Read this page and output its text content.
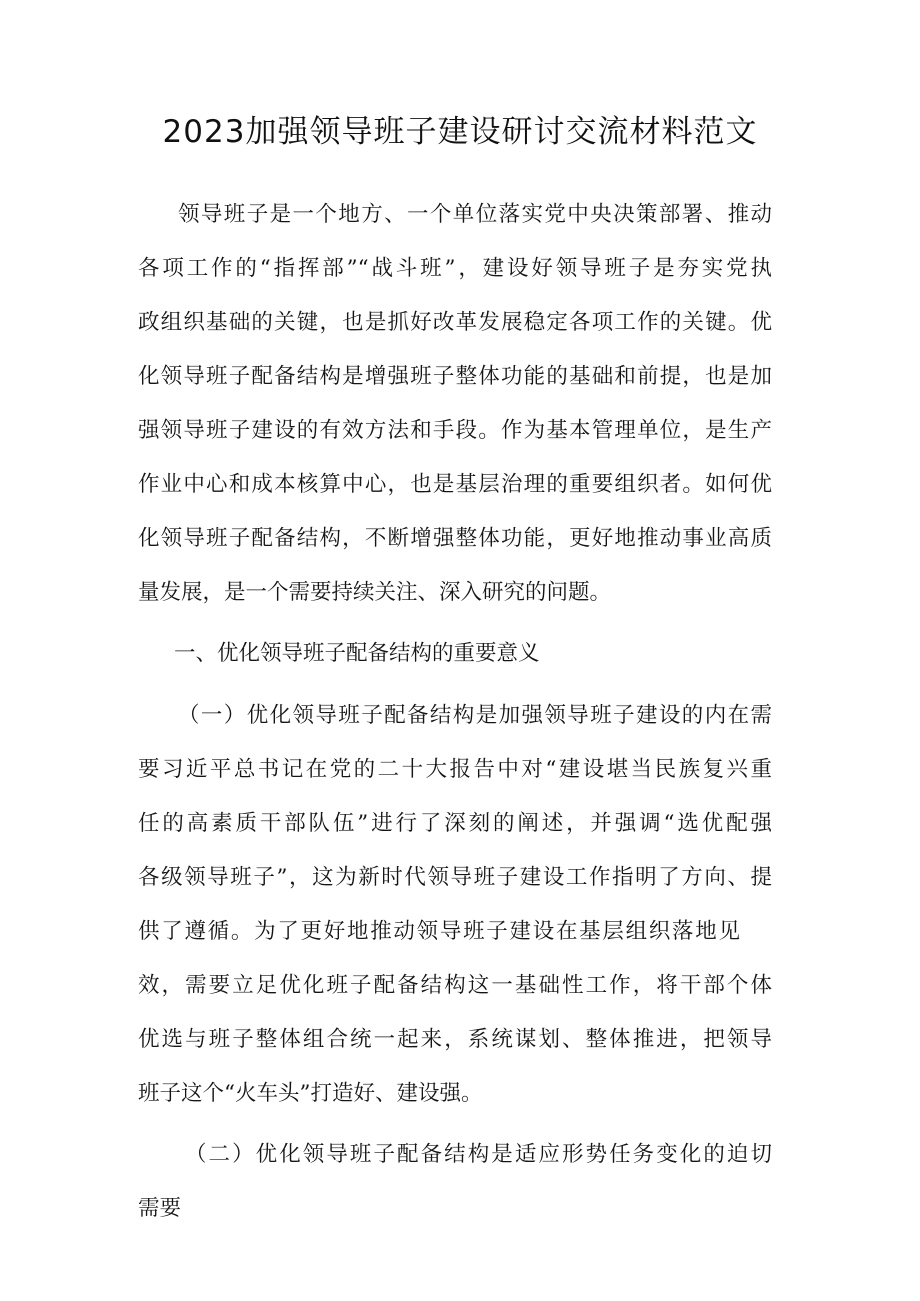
2023加强领导班子建设研讨交流材料范文
领导班子是一个地方、一个单位落实党中央决策部署、推动
各项工作的“指挥部”“战斗班”，建设好领导班子是夯实党执
政组织基础的关键，也是抓好改革发展稳定各项工作的关键。优
化领导班子配备结构是增强班子整体功能的基础和前提，也是加
强领导班子建设的有效方法和手段。作为基本管理单位，是生产
作业中心和成本核算中心，也是基层治理的重要组织者。如何优
化领导班子配备结构，不断增强整体功能，更好地推动事业高质
量发展，是一个需要持续关注、深入研究的问题。
一、优化领导班子配备结构的重要意义
（一）优化领导班子配备结构是加强领导班子建设的内在需
要习近平总书记在党的二十大报告中对“建设堪当民族复兴重
任的高素质干部队伍”进行了深刻的阐述，并强调“选优配强
各级领导班子”，这为新时代领导班子建设工作指明了方向、提
供了遵循。为了更好地推动领导班子建设在基层组织落地见
效，需要立足优化班子配备结构这一基础性工作，将干部个体
优选与班子整体组合统一起来，系统谋划、整体推进，把领导
班子这个“火车头”打造好、建设强。
（二）优化领导班子配备结构是适应形势任务变化的迫切
需要
